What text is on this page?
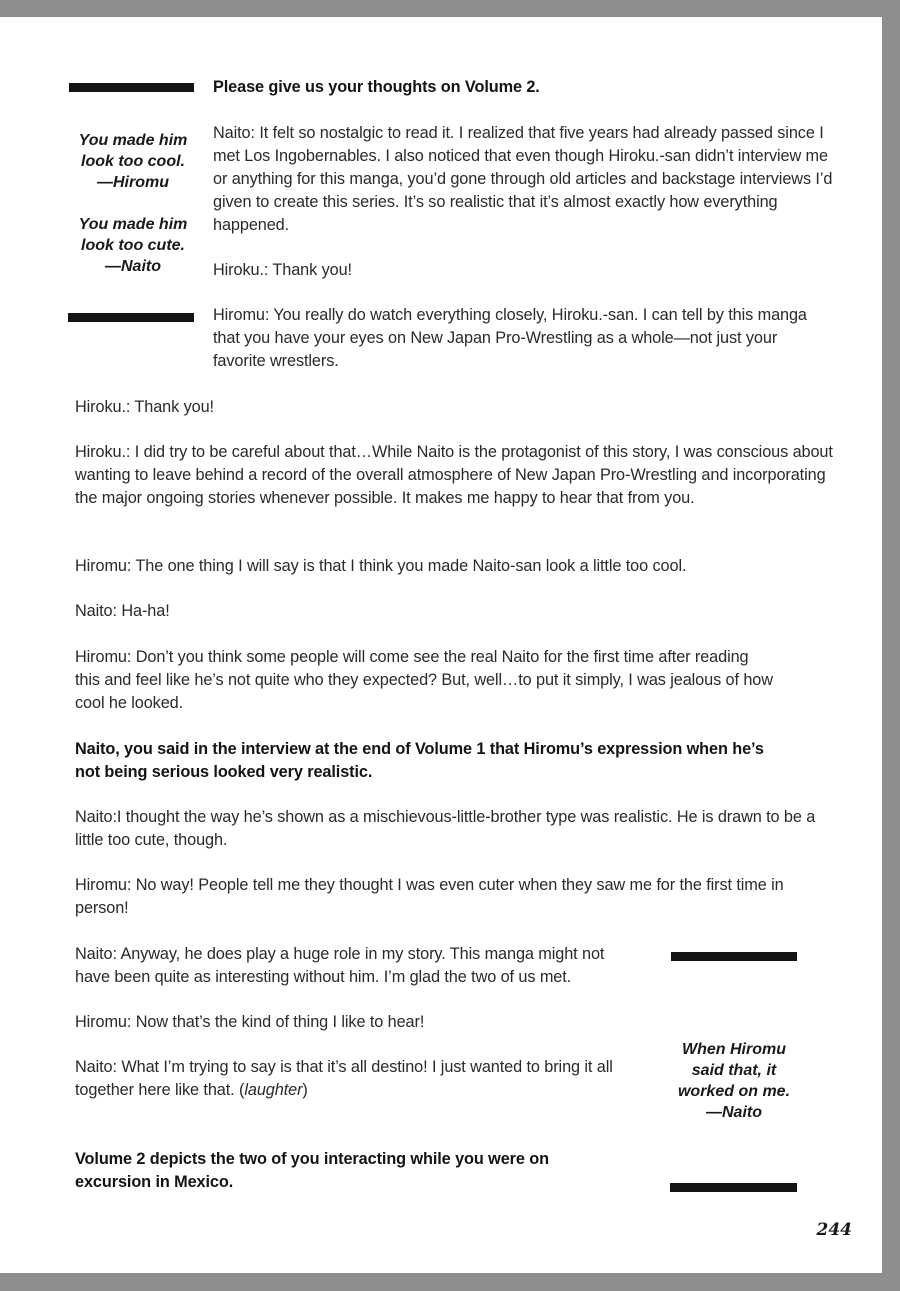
You made him look too cool.

—Hiromu

You made him look too cute.

—Naito

When Hiromu said that, it worked on me.

—Naito

Please give us your thoughts on Volume 2.

Naito: It felt so nostalgic to read it. I realized that five years had already passed since I met Los Ingobernables. I also noticed that even though Hiroku.-san didn’t interview me or anything for this manga, you’d gone through old articles and backstage interviews I’d given to create this series. It’s so realistic that it’s almost exactly how everything happened.

Hiroku.: Thank you!

Hiromu: You really do watch everything closely, Hiroku.-san. I can tell by this manga that you have your eyes on New Japan Pro-Wrestling as a whole—not just your favorite wrestlers.

Hiroku.: Thank you!

Hiroku.: I did try to be careful about that…While Naito is the protagonist of this story, I was conscious about wanting to leave behind a record of the overall atmosphere of New Japan Pro-Wrestling and incorporating the major ongoing stories whenever possible. It makes me happy to hear that from you.

Hiromu: The one thing I will say is that I think you made Naito-san look a little too cool.

Naito: Ha-ha!

Hiromu: Don’t you think some people will come see the real Naito for the first time after reading this and feel like he’s not quite who they expected? But, well…to put it simply, I was jealous of how cool he looked.

Naito, you said in the interview at the end of Volume 1 that Hiromu’s expression when he’s not being serious looked very realistic.

Naito:I thought the way he’s shown as a mischievous-little-brother type was realistic. He is drawn to be a little too cute, though.

Hiromu: No way! People tell me they thought I was even cuter when they saw me for the first time in person!

Naito: Anyway, he does play a huge role in my story. This manga might not have been quite as interesting without him. I’m glad the two of us met.

Hiromu: Now that’s the kind of thing I like to hear!

Naito: What I’m trying to say is that it’s all destino! I just wanted to bring it all together here like that. (laughter)

Volume 2 depicts the two of you interacting while you were on excursion in Mexico.

244
